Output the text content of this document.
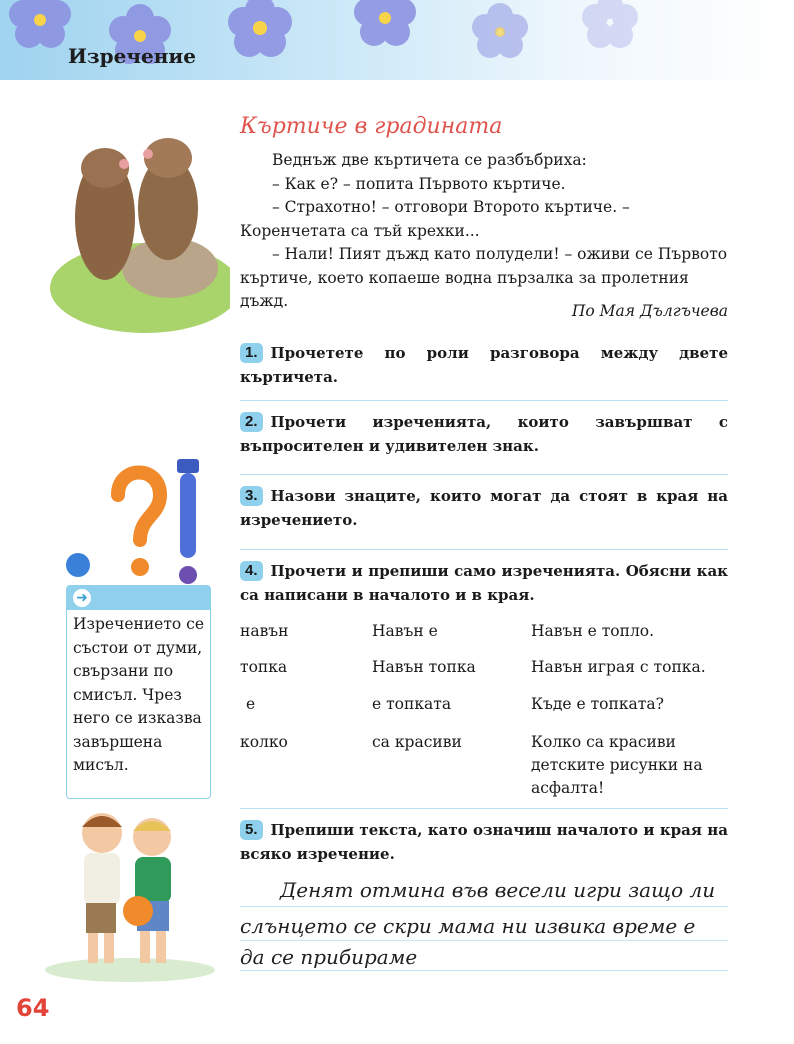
Изречение
Къртиче в градината

Веднъж две къртичета се разбъбриха:

– Как е? – попита Първото къртиче.

– Страхотно! – отговори Второто къртиче. – Коренчетата са тъй крехки...

– Нали! Пият дъжд като полудели! – оживи се Първото къртиче, което копаеше водна пързалка за пролетния дъжд.

По Мая Дългъчева
1. Прочетете по роли разговора между двете къртичета.
2. Прочети изреченията, които завършват с въпросителен и удивителен знак.
3. Назови знаците, които могат да стоят в края на изречението.
4. Прочети и препиши само изреченията. Обясни как са написани в началото и в края.
навън	Навън е	Навън е топло.
топка	Навън топка	Навън играя с топка.
е	е топката	Къде е топката?
колко	са красиви	Колко са красиви детските рисунки на асфалта!
5. Препиши текста, като означиш началото и края на всяко изречение.
Денят отмина във весели игри защо ли
слънцето се скри мама ни извика време е
да се прибираме
➜
Изречението се състои от думи, свързани по смисъл. Чрез него се изказва завършена мисъл.
64
